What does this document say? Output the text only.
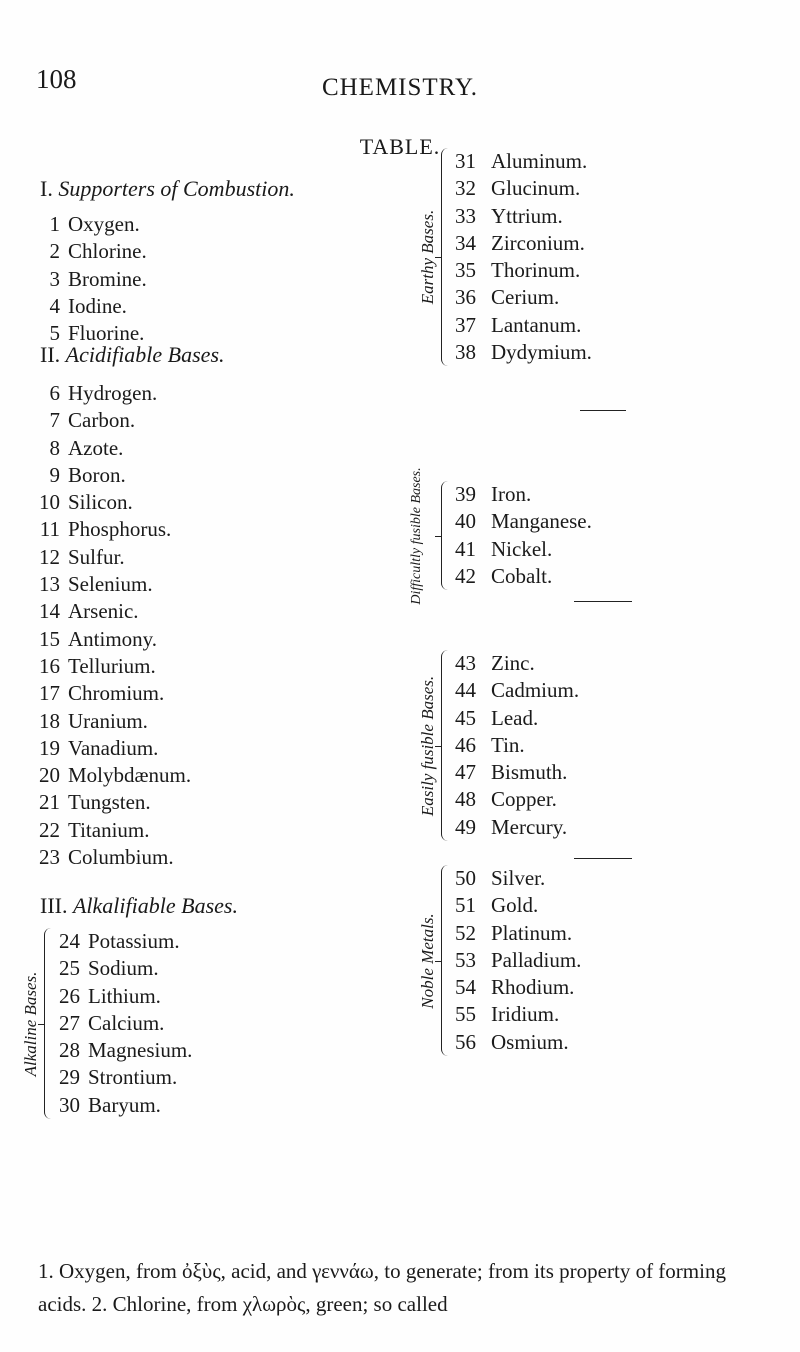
108	CHEMISTRY.
TABLE.
I. Supporters of Combustion.
1 Oxygen.
2 Chlorine.
3 Bromine.
4 Iodine.
5 Fluorine.
II. Acidifiable Bases.
6 Hydrogen.
7 Carbon.
8 Azote.
9 Boron.
10 Silicon.
11 Phosphorus.
12 Sulfur.
13 Selenium.
14 Arsenic.
15 Antimony.
16 Tellurium.
17 Chromium.
18 Uranium.
19 Vanadium.
20 Molybdænum.
21 Tungsten.
22 Titanium.
23 Columbium.
III. Alkalifiable Bases.
Alkaline Bases.
24 Potassium.
25 Sodium.
26 Lithium.
27 Calcium.
28 Magnesium.
29 Strontium.
30 Baryum.
Earthy Bases.
31 Aluminum.
32 Glucinum.
33 Yttrium.
34 Zirconium.
35 Thorinum.
36 Cerium.
37 Lantanum.
38 Dydymium.
Difficultly fusible Bases. 39 Iron.
40 Manganese.
41 Nickel.
42 Cobalt.
Easily fusible Bases.
43 Zinc.
44 Cadmium.
45 Lead.
46 Tin.
47 Bismuth.
48 Copper.
49 Mercury.
Noble Metals.
50 Silver.
51 Gold.
52 Platinum.
53 Palladium.
54 Rhodium.
55 Iridium.
56 Osmium.
1. Oxygen, from ὀξὺς, acid, and γεννάω, to generate; from its property of forming acids. 2. Chlorine, from χλωρὸς, green; so called
